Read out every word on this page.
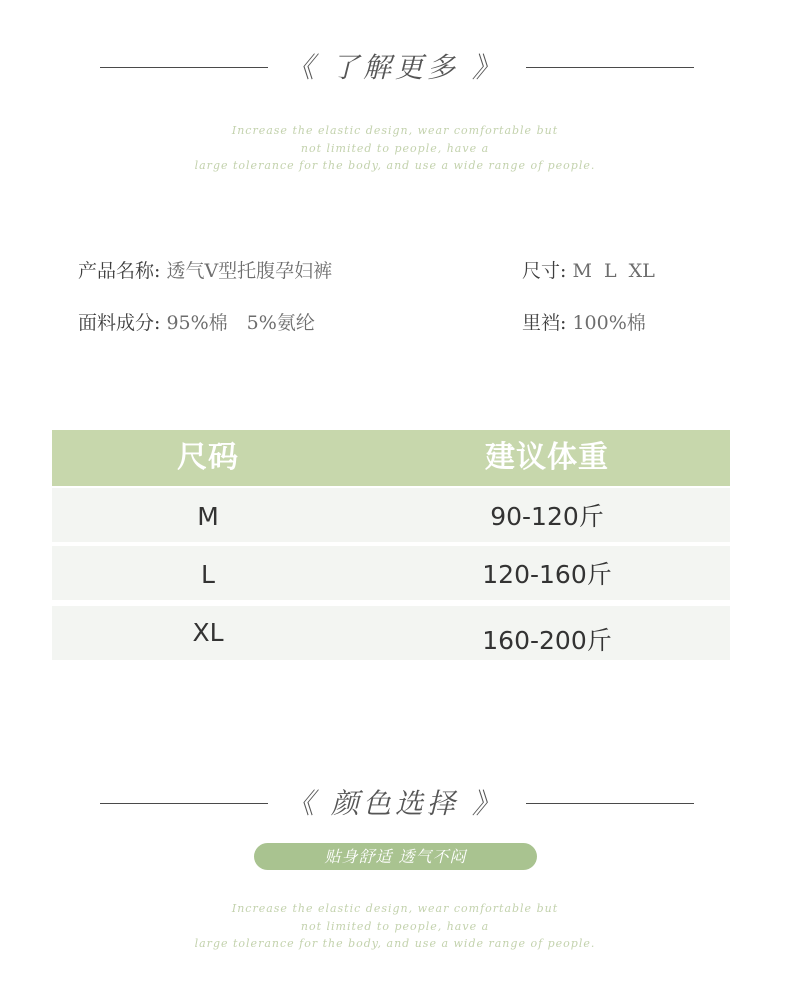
《 了解更多 》
Increase the elastic design, wear comfortable but
not limited to people, have a
large tolerance for the body, and use a wide range of people.
产品名称: 透气V型托腹孕妇裤	尺寸: M  L  XL
面料成分: 95%棉　5%氨纶	里裆: 100%棉
尺码	建议体重
M	90-120斤
L	120-160斤
XL	160-200斤
《 颜色选择 》
贴身舒适 透气不闷
Increase the elastic design, wear comfortable but
not limited to people, have a
large tolerance for the body, and use a wide range of people.
